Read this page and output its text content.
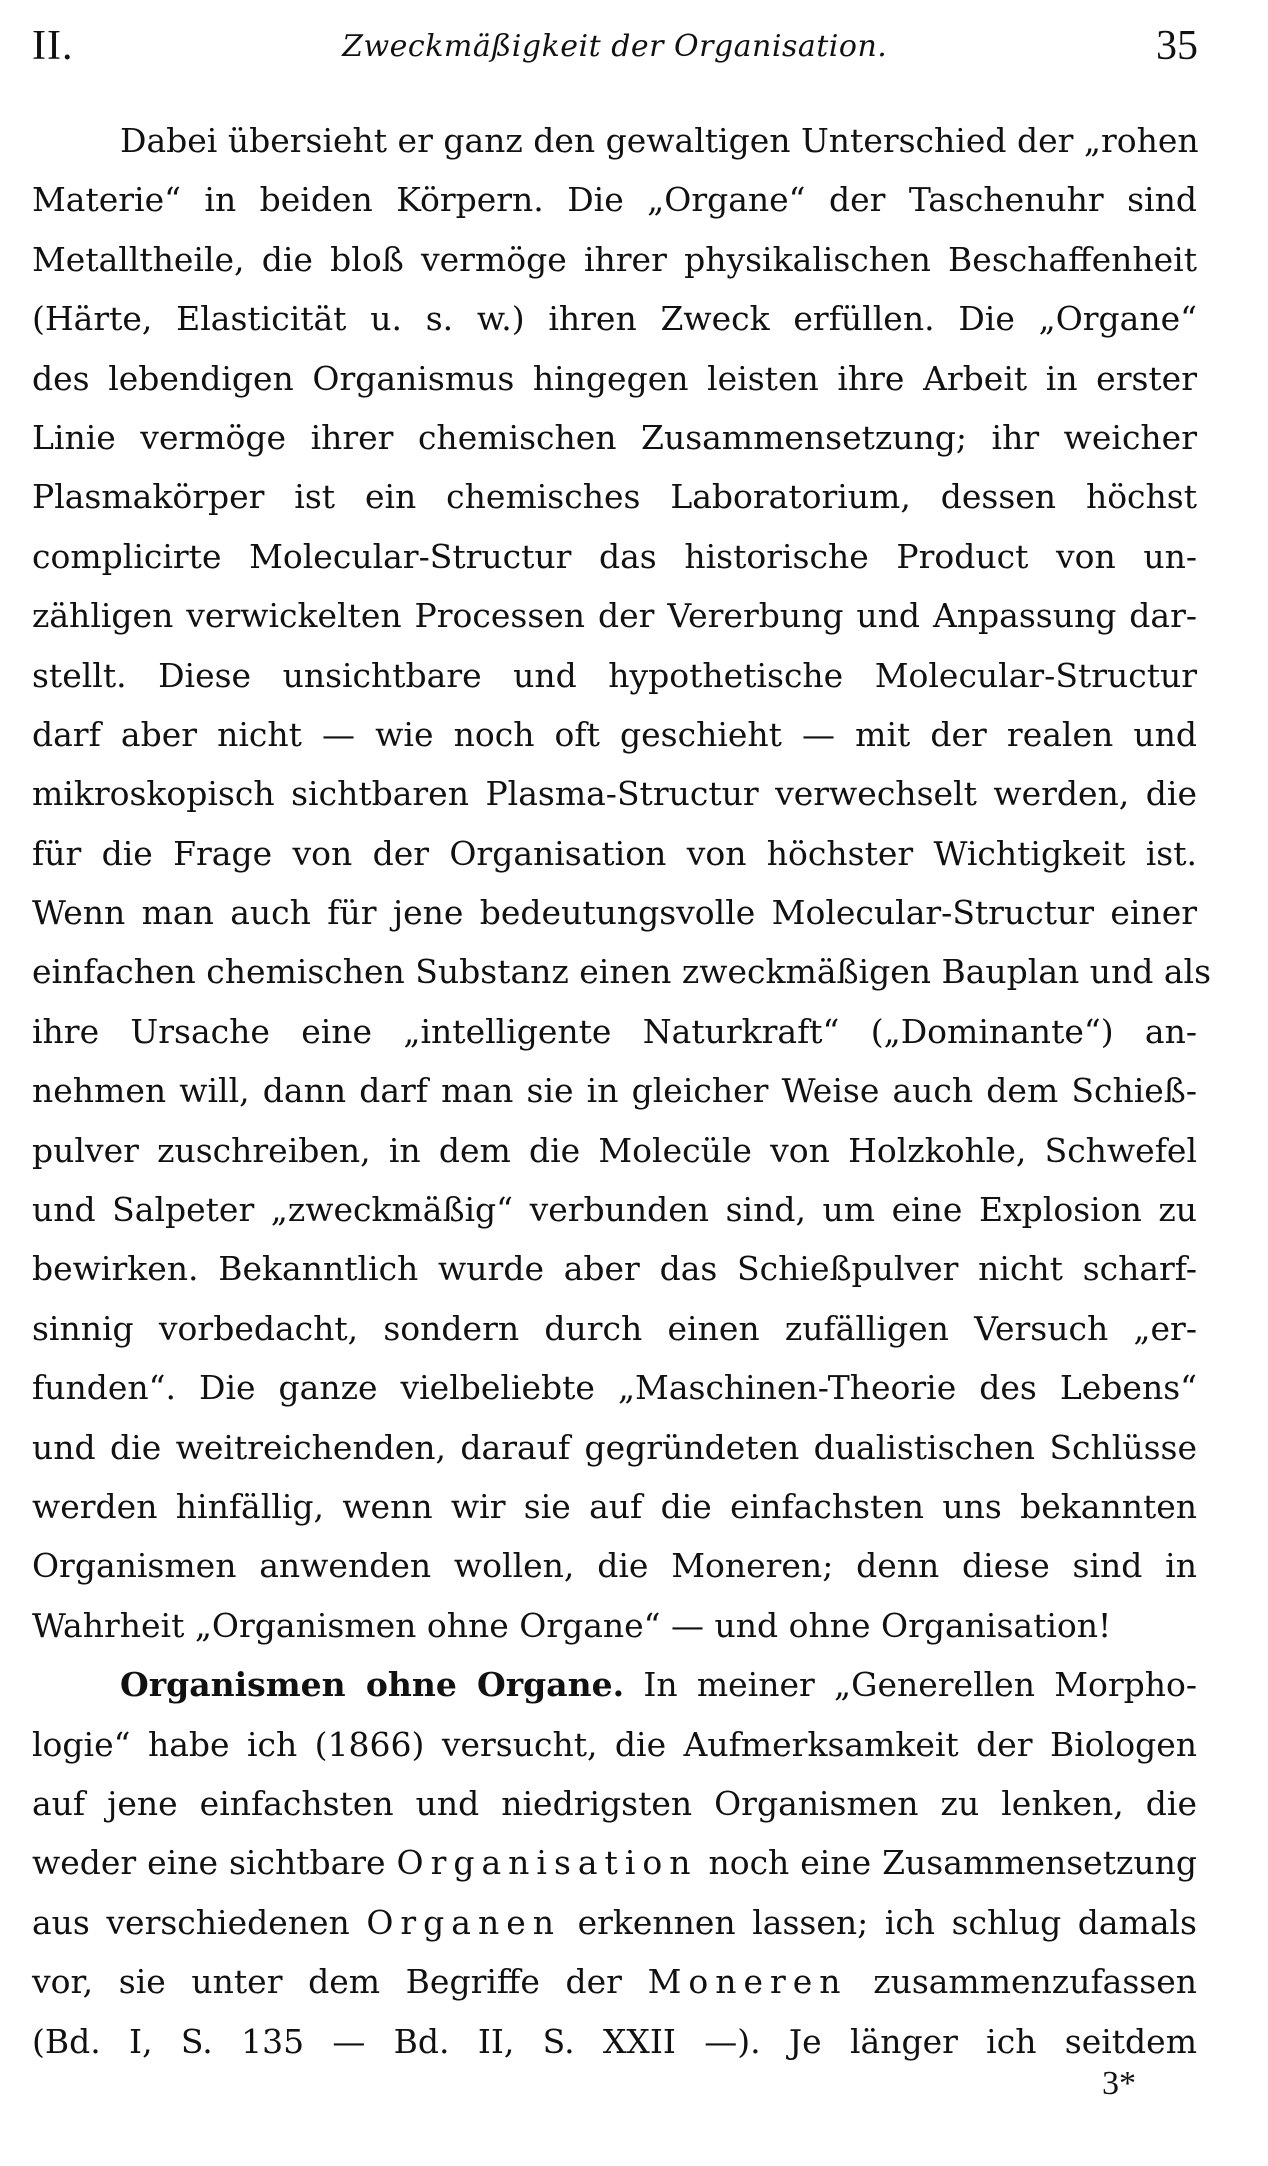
II.	Zweckmäßigkeit der Organisation.	35
Dabei übersieht er ganz den gewaltigen Unterschied der „rohen
Materie“ in beiden Körpern. Die „Organe“ der Taschenuhr sind
Metalltheile, die bloß vermöge ihrer physikalischen Beschaffenheit
(Härte, Elasticität u. s. w.) ihren Zweck erfüllen. Die „Organe“
des lebendigen Organismus hingegen leisten ihre Arbeit in erster
Linie vermöge ihrer chemischen Zusammensetzung; ihr weicher
Plasmakörper ist ein chemisches Laboratorium, dessen höchst
complicirte Molecular-Structur das historische Product von un-
zähligen verwickelten Processen der Vererbung und Anpassung dar-
stellt. Diese unsichtbare und hypothetische Molecular-Structur
darf aber nicht — wie noch oft geschieht — mit der realen und
mikroskopisch sichtbaren Plasma-Structur verwechselt werden, die
für die Frage von der Organisation von höchster Wichtigkeit ist.
Wenn man auch für jene bedeutungsvolle Molecular-Structur einer
einfachen chemischen Substanz einen zweckmäßigen Bauplan und als
ihre Ursache eine „intelligente Naturkraft“ („Dominante“) an-
nehmen will, dann darf man sie in gleicher Weise auch dem Schieß-
pulver zuschreiben, in dem die Molecüle von Holzkohle, Schwefel
und Salpeter „zweckmäßig“ verbunden sind, um eine Explosion zu
bewirken. Bekanntlich wurde aber das Schießpulver nicht scharf-
sinnig vorbedacht, sondern durch einen zufälligen Versuch „er-
funden“. Die ganze vielbeliebte „Maschinen-Theorie des Lebens“
und die weitreichenden, darauf gegründeten dualistischen Schlüsse
werden hinfällig, wenn wir sie auf die einfachsten uns bekannten
Organismen anwenden wollen, die Moneren; denn diese sind in
Wahrheit „Organismen ohne Organe“ — und ohne Organisation!
Organismen ohne Organe. In meiner „Generellen Morpho-
logie“ habe ich (1866) versucht, die Aufmerksamkeit der Biologen
auf jene einfachsten und niedrigsten Organismen zu lenken, die
weder eine sichtbare Organisation noch eine Zusammensetzung
aus verschiedenen Organen erkennen lassen; ich schlug damals
vor, sie unter dem Begriffe der Moneren zusammenzufassen
(Bd. I, S. 135 — Bd. II, S. XXII —). Je länger ich seitdem
3*
